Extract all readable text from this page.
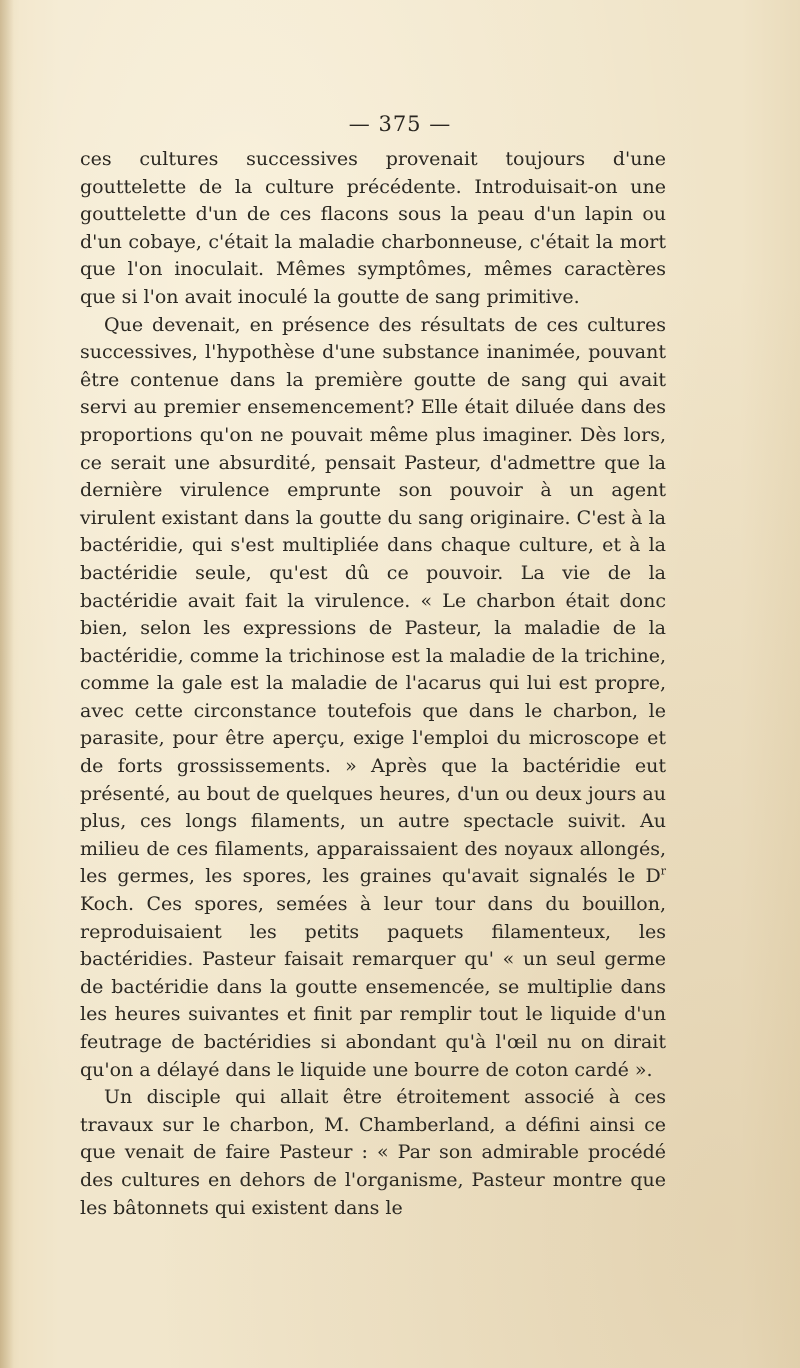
— 375 —

ces cultures successives provenait toujours d'une gouttelette de la culture précédente. Introduisait-on une gouttelette d'un de ces flacons sous la peau d'un lapin ou d'un cobaye, c'était la maladie charbonneuse, c'était la mort que l'on inoculait. Mêmes symptômes, mêmes caractères que si l'on avait inoculé la goutte de sang primitive.

Que devenait, en présence des résultats de ces cultures successives, l'hypothèse d'une substance inanimée, pouvant être contenue dans la première goutte de sang qui avait servi au premier ensemencement? Elle était diluée dans des proportions qu'on ne pouvait même plus imaginer. Dès lors, ce serait une absurdité, pensait Pasteur, d'admettre que la dernière virulence emprunte son pouvoir à un agent virulent existant dans la goutte du sang originaire. C'est à la bactéridie, qui s'est multipliée dans chaque culture, et à la bactéridie seule, qu'est dû ce pouvoir. La vie de la bactéridie avait fait la virulence. « Le charbon était donc bien, selon les expressions de Pasteur, la maladie de la bactéridie, comme la trichinose est la maladie de la trichine, comme la gale est la maladie de l'acarus qui lui est propre, avec cette circonstance toutefois que dans le charbon, le parasite, pour être aperçu, exige l'emploi du microscope et de forts grossissements. » Après que la bactéridie eut présenté, au bout de quelques heures, d'un ou deux jours au plus, ces longs filaments, un autre spectacle suivit. Au milieu de ces filaments, apparaissaient des noyaux allongés, les germes, les spores, les graines qu'avait signalés le $D^r$ Koch. Ces spores, semées à leur tour dans du bouillon, reproduisaient les petits paquets filamenteux, les bactéridies. Pasteur faisait remarquer qu' « un seul germe de bactéridie dans la goutte ensemencée, se multiplie dans les heures suivantes et finit par remplir tout le liquide d'un feutrage de bactéridies si abondant qu'à l'œil nu on dirait qu'on a délayé dans le liquide une bourre de coton cardé ».

Un disciple qui allait être étroitement associé à ces travaux sur le charbon, M. Chamberland, a défini ainsi ce que venait de faire Pasteur : « Par son admirable procédé des cultures en dehors de l'organisme, Pasteur montre que les bâtonnets qui existent dans le
